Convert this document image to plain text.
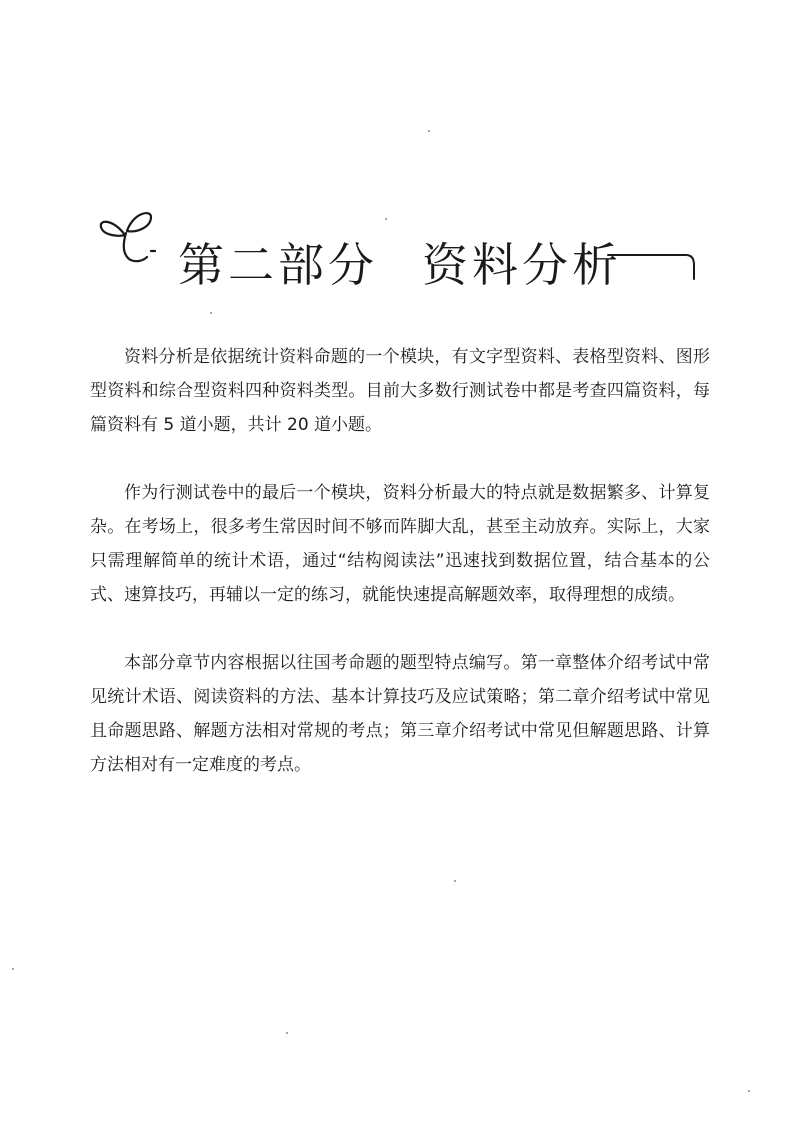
第二部分 资料分析

资料分析是依据统计资料命题的一个模块，有文字型资料、表格型资料、图形型资料和综合型资料四种资料类型。目前大多数行测试卷中都是考查四篇资料，每篇资料有 5 道小题，共计 20 道小题。

作为行测试卷中的最后一个模块，资料分析最大的特点就是数据繁多、计算复杂。在考场上，很多考生常因时间不够而阵脚大乱，甚至主动放弃。实际上，大家只需理解简单的统计术语，通过“结构阅读法”迅速找到数据位置，结合基本的公式、速算技巧，再辅以一定的练习，就能快速提高解题效率，取得理想的成绩。

本部分章节内容根据以往国考命题的题型特点编写。第一章整体介绍考试中常见统计术语、阅读资料的方法、基本计算技巧及应试策略；第二章介绍考试中常见且命题思路、解题方法相对常规的考点；第三章介绍考试中常见但解题思路、计算方法相对有一定难度的考点。
